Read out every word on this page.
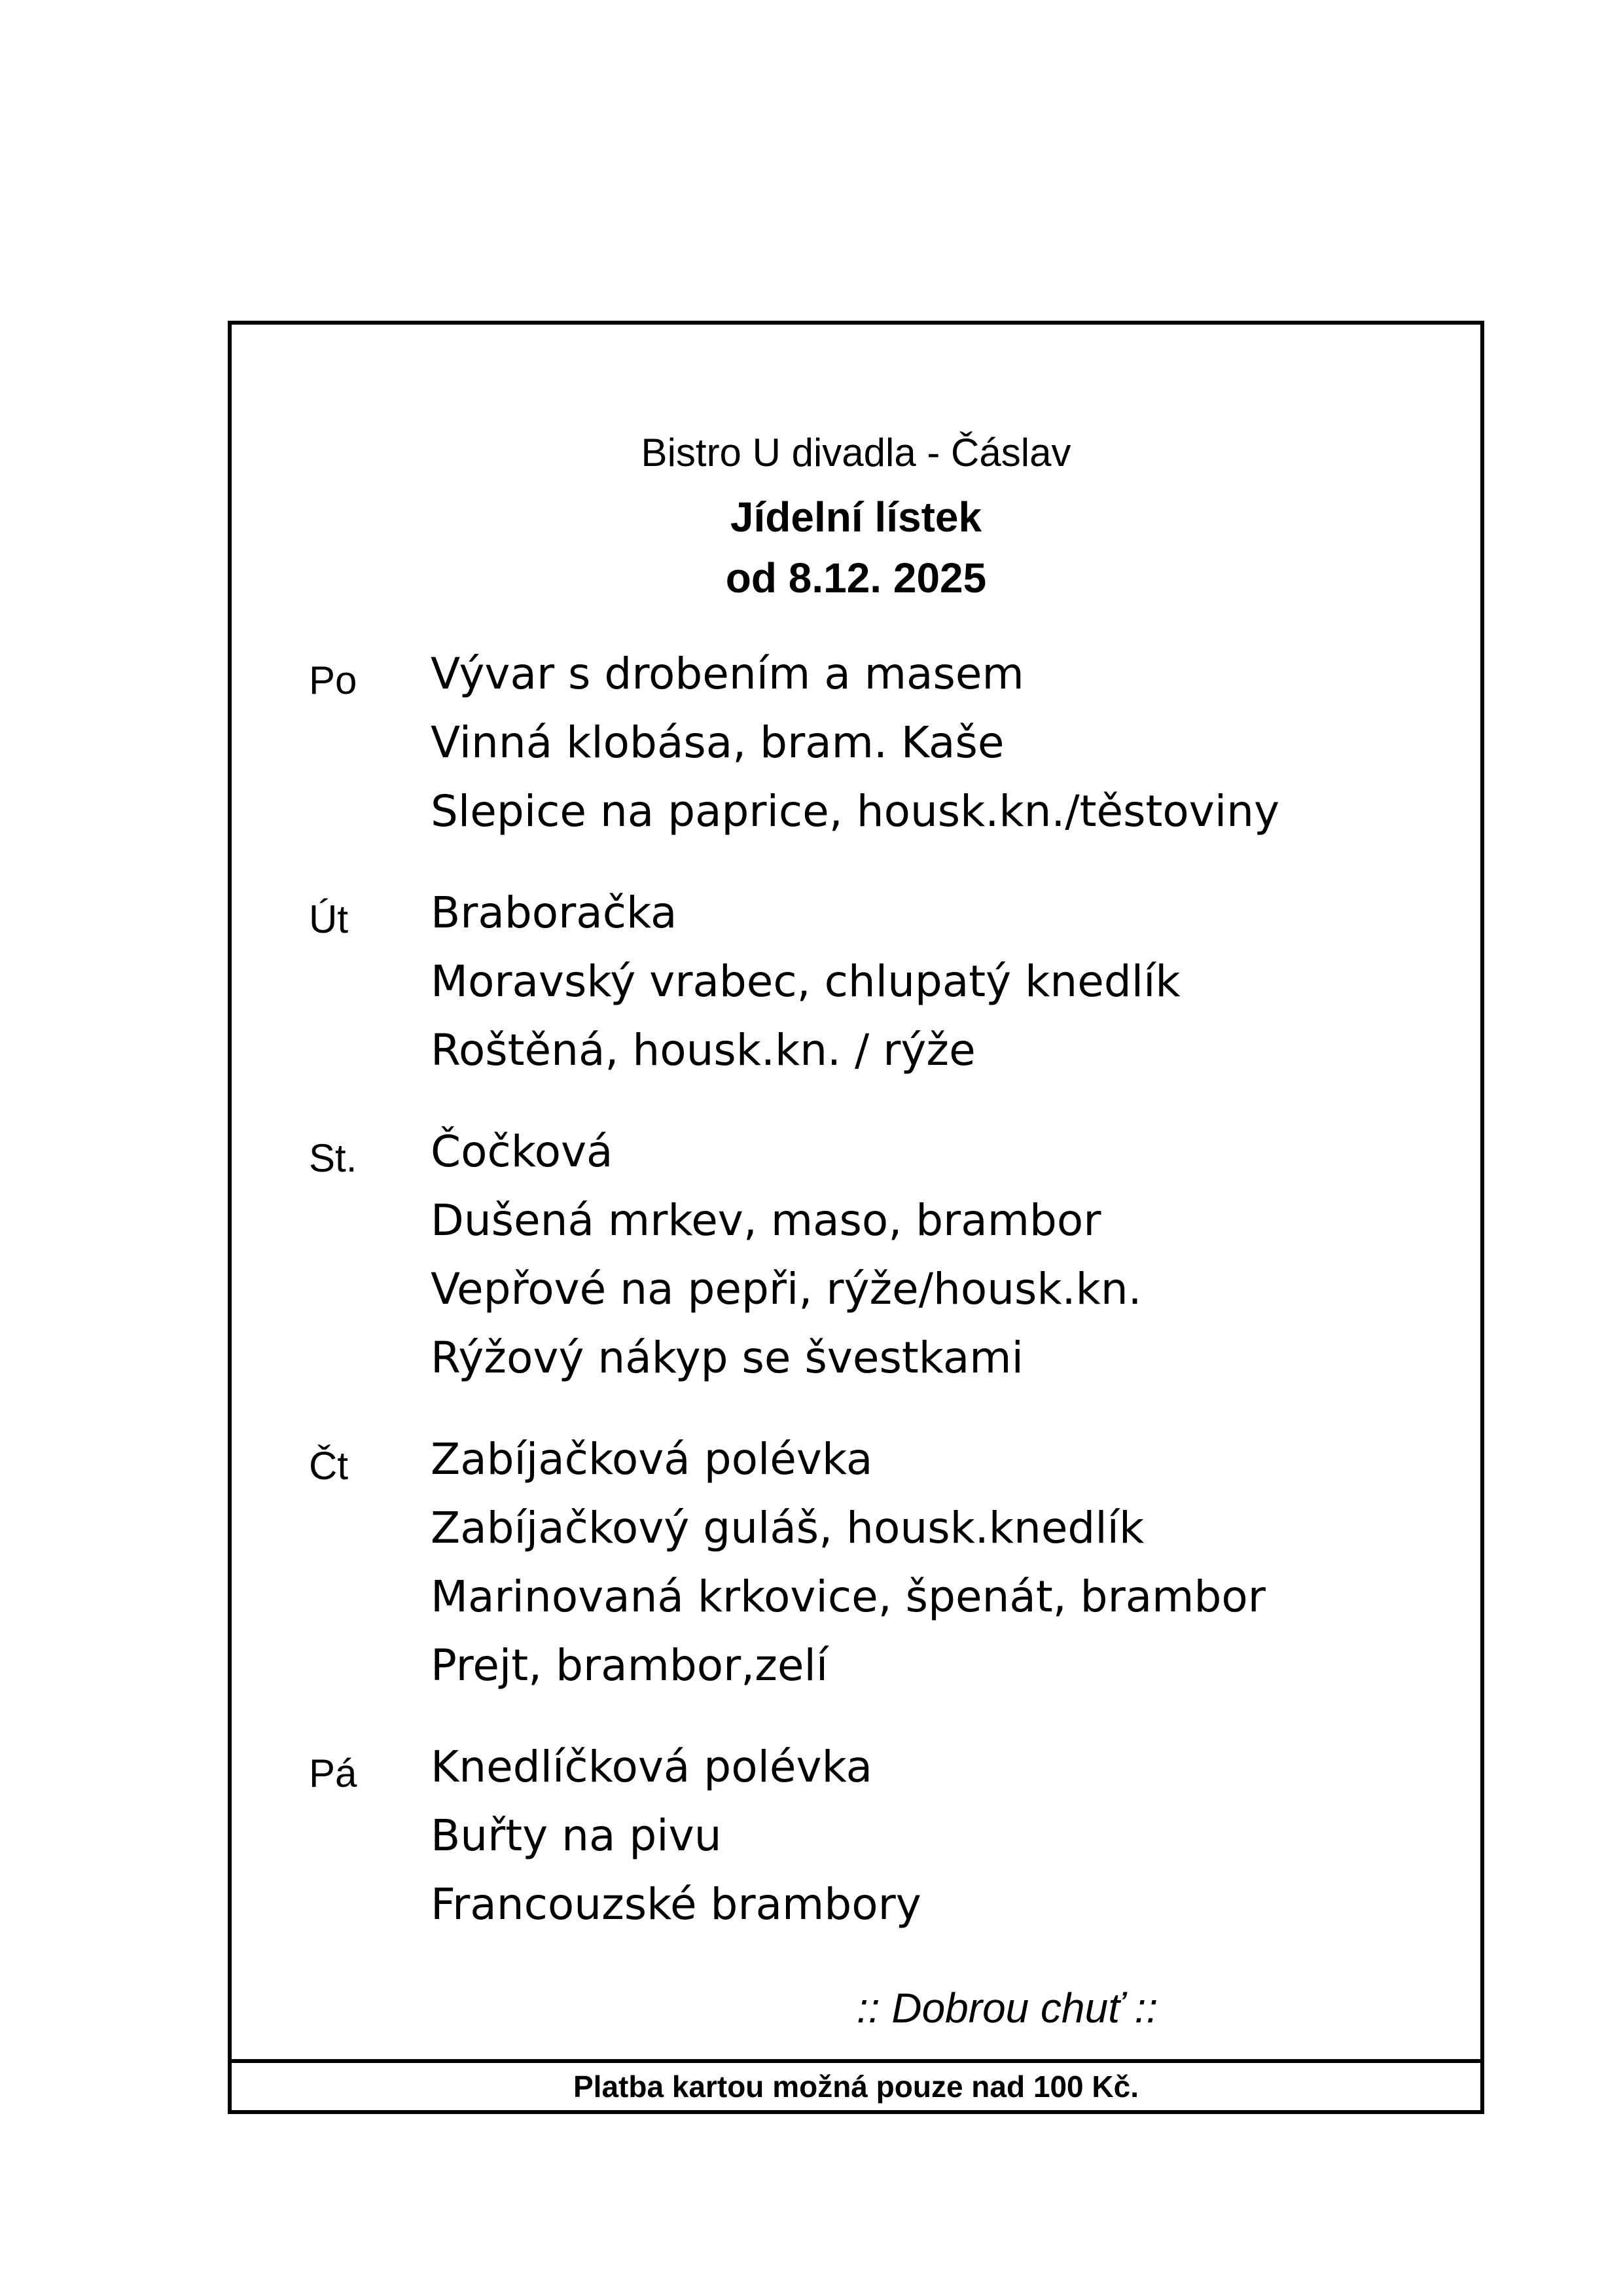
Bistro U divadla - Čáslav
Jídelní lístek
od 8.12. 2025
Po Vývar s drobením a masem
Vinná klobása, bram. Kaše
Slepice na paprice, housk.kn./těstoviny
Út Braboračka
Moravský vrabec, chlupatý knedlík
Roštěná, housk.kn. / rýže
St. Čočková
Dušená mrkev, maso, brambor
Vepřové na pepři, rýže/housk.kn.
Rýžový nákyp se švestkami
Čt Zabíjačková polévka
Zabíjačkový guláš, housk.knedlík
Marinovaná krkovice, špenát, brambor
Prejt, brambor,zelí
Pá Knedlíčková polévka
Buřty na pivu
Francouzské brambory
:: Dobrou chuť ::
Platba kartou možná pouze nad 100 Kč.
